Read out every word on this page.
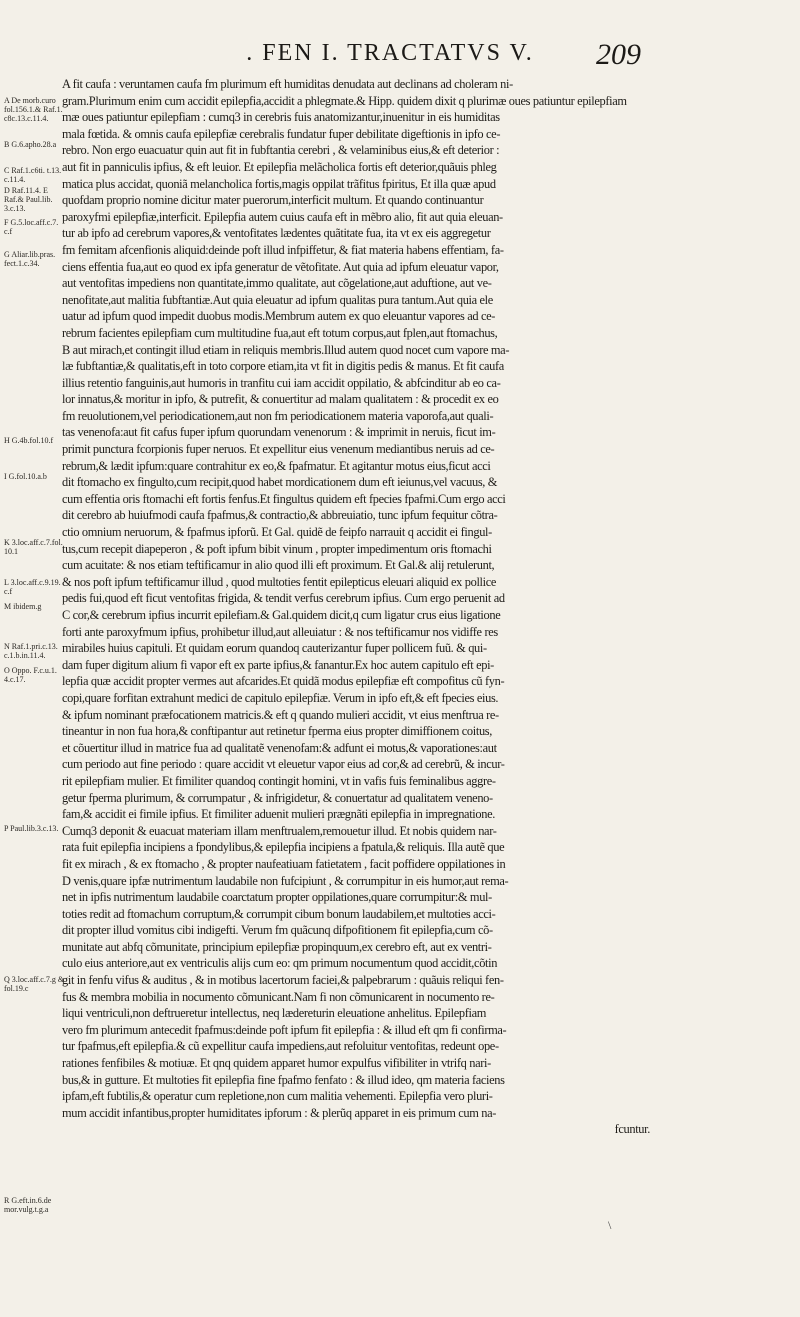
. FEN I. TRACTATVS V.	209
A De morb.curo fol.156.1.& Raf.1. c8c.13.c.11.4.
B G.6.apho.28.a
C Raf.1.c6ti. t.13. c.11.4.
D Raf.11.4. E Raf.& Paul.lib. 3.c.13.
F G.5.loc.aff.c.7. c.f
G Aliar.lib.pras. fect.1.c.34.
H G.4b.fol.10.f
I G.fol.10.a.b
K 3.loc.aff.c.7.fol. 10.1
L 3.loc.aff.c.9.19. c.f
M ibidem.g
N Raf.1.pri.c.13. c.1.b.in.11.4.
O Oppo. F.c.u.1. 4.c.17.
P Paul.lib.3.c.13.
Q 3.loc.aff.c.7.g & fol.19.c
R G.eft.in.6.de mor.vulg.t.g.a
A fit caufa : veruntamen caufa fm plurimum eft humiditas denudata aut declinans ad choleram ni-
gram.Plurimum enim cum accidit epilepfia,accidit a phlegmate.& Hipp. quidem dixit q plurimæ oues patiuntur epilepfiam
mæ oues patiuntur epilepfiam : cumq3 in cerebris fuis anatomizantur,inuenitur in eis humiditas
mala fœtida. & omnis caufa epilepfiæ cerebralis fundatur fuper debilitate digeftionis in ipfo ce-
rebro. Non ergo euacuatur quin aut fit in fubftantia cerebri , & velaminibus eius,& eft deterior :
aut fit in panniculis ipfius, & eft leuior. Et epilepfia melãcholica fortis eft deterior,quãuis phleg
matica plus accidat, quoniã melancholica fortis,magis oppilat trãfitus fpiritus, Et illa quæ apud
quofdam proprio nomine dicitur mater puerorum,interficit multum. Et quando continuantur
paroxyfmi epilepfiæ,interficit. Epilepfia autem cuius caufa eft in mẽbro alio, fit aut quia eleuan-
tur ab ipfo ad cerebrum vapores,& ventofitates lædentes quãtitate fua, ita vt ex eis aggregetur
fm femitam afcenfionis aliquid:deinde poft illud infpiffetur, & fiat materia habens effentiam, fa-
ciens effentia fua,aut eo quod ex ipfa generatur de vẽtofitate. Aut quia ad ipfum eleuatur vapor,
aut ventofitas impediens non quantitate,immo qualitate, aut cõgelatione,aut aduftione, aut ve-
nenofitate,aut malitia fubftantiæ.Aut quia eleuatur ad ipfum qualitas pura tantum.Aut quia ele
uatur ad ipfum quod impedit duobus modis.Membrum autem ex quo eleuantur vapores ad ce-
rebrum facientes epilepfiam cum multitudine fua,aut eft totum corpus,aut fplen,aut ftomachus,
B aut mirach,et contingit illud etiam in reliquis membris.Illud autem quod nocet cum vapore ma-
læ fubftantiæ,& qualitatis,eft in toto corpore etiam,ita vt fit in digitis pedis & manus. Et fit caufa
illius retentio fanguinis,aut humoris in tranfitu cui iam accidit oppilatio, & abfcinditur ab eo ca-
lor innatus,& moritur in ipfo, & putrefit, & conuertitur ad malam qualitatem : & procedit ex eo
fm reuolutionem,vel periodicationem,aut non fm periodicationem materia vaporofa,aut quali-
tas venenofa:aut fit cafus fuper ipfum quorundam venenorum : & imprimit in neruis, ficut im-
primit punctura fcorpionis fuper neruos. Et expellitur eius venenum mediantibus neruis ad ce-
rebrum,& lædit ipfum:quare contrahitur ex eo,& fpafmatur. Et agitantur motus eius,ficut acci
dit ftomacho ex fingulto,cum recipit,quod habet mordicationem dum eft ieiunus,vel vacuus, &
cum effentia oris ftomachi eft fortis fenfus.Et fingultus quidem eft fpecies fpafmi.Cum ergo acci
dit cerebro ab huiufmodi caufa fpafmus,& contractio,& abbreuiatio, tunc ipfum fequitur cõtra-
ctio omnium neruorum, & fpafmus ipforũ. Et Gal. quidẽ de feipfo narrauit q accidit ei fingul-
tus,cum recepit diapeperon , & poft ipfum bibit vinum , propter impedimentum oris ftomachi
cum acuitate: & nos etiam teftificamur in alio quod illi eft proximum. Et Gal.& alij retulerunt,
& nos poft ipfum teftificamur illud , quod multoties fentit epilepticus eleuari aliquid ex pollice
pedis fui,quod eft ficut ventofitas frigida, & tendit verfus cerebrum ipfius. Cum ergo peruenit ad
C cor,& cerebrum ipfius incurrit epilefiam.& Gal.quidem dicit,q cum ligatur crus eius ligatione
forti ante paroxyfmum ipfius, prohibetur illud,aut alleuiatur : & nos teftificamur nos vidiffe res
mirabiles huius capituli. Et quidam eorum quandoq cauterizantur fuper pollicem fuũ. & qui-
dam fuper digitum alium fi vapor eft ex parte ipfius,& fanantur.Ex hoc autem capitulo eft epi-
lepfia quæ accidit propter vermes aut afcarides.Et quidã modus epilepfiæ eft compofitus cũ fyn-
copi,quare forfitan extrahunt medici de capitulo epilepfiæ. Verum in ipfo eft,& eft fpecies eius.
& ipfum nominant præfocationem matricis.& eft q quando mulieri accidit, vt eius menftrua re-
tineantur in non fua hora,& conftipantur aut retinetur fperma eius propter dimiffionem coitus,
et cõuertitur illud in matrice fua ad qualitatẽ venenofam:& adfunt ei motus,& vaporationes:aut
cum periodo aut fine periodo : quare accidit vt eleuetur vapor eius ad cor,& ad cerebrũ, & incur-
rit epilepfiam mulier. Et fimiliter quandoq contingit homini, vt in vafis fuis feminalibus aggre-
getur fperma plurimum, & corrumpatur , & infrigidetur, & conuertatur ad qualitatem veneno-
fam,& accidit ei fimile ipfius. Et fimiliter aduenit mulieri prægnãti epilepfia in impregnatione.
Cumq3 deponit & euacuat materiam illam menftrualem,remouetur illud. Et nobis quidem nar-
rata fuit epilepfia incipiens a fpondylibus,& epilepfia incipiens a fpatula,& reliquis. Illa autẽ que
fit ex mirach , & ex ftomacho , & propter naufeatiuam fatietatem , facit poffidere oppilationes in
D venis,quare ipfæ nutrimentum laudabile non fufcipiunt , & corrumpitur in eis humor,aut rema-
net in ipfis nutrimentum laudabile coarctatum propter oppilationes,quare corrumpitur:& mul-
toties redit ad ftomachum corruptum,& corrumpit cibum bonum laudabilem,et multoties acci-
dit propter illud vomitus cibi indigefti. Verum fm quãcunq difpofitionem fit epilepfia,cum cõ-
munitate aut abfq cõmunitate, principium epilepfiæ propinquum,ex cerebro eft, aut ex ventri-
culo eius anteriore,aut ex ventriculis alijs cum eo: qm primum nocumentum quod accidit,cõtin
git in fenfu vifus & auditus , & in motibus lacertorum faciei,& palpebrarum : quãuis reliqui fen-
fus & membra mobilia in nocumento cõmunicant.Nam fi non cõmunicarent in nocumento re-
liqui ventriculi,non deftrueretur intellectus, neq lædereturin eleuatione anhelitus. Epilepfiam
vero fm plurimum antecedit fpafmus:deinde poft ipfum fit epilepfia : & illud eft qm fi confirma-
tur fpafmus,eft epilepfia.& cũ expellitur caufa impediens,aut refoluitur ventofitas, redeunt ope-
rationes fenfibiles & motiuæ. Et qnq quidem apparet humor expulfus vifibiliter in vtrifq nari-
bus,& in gutture. Et multoties fit epilepfia fine fpafmo fenfato : & illud ideo, qm materia faciens
ipfam,eft fubtilis,& operatur cum repletione,non cum malitia vehementi. Epilepfia vero pluri-
mum accidit infantibus,propter humiditates ipforum : & plerũq apparet in eis primum cum na-
fcuntur.
\
